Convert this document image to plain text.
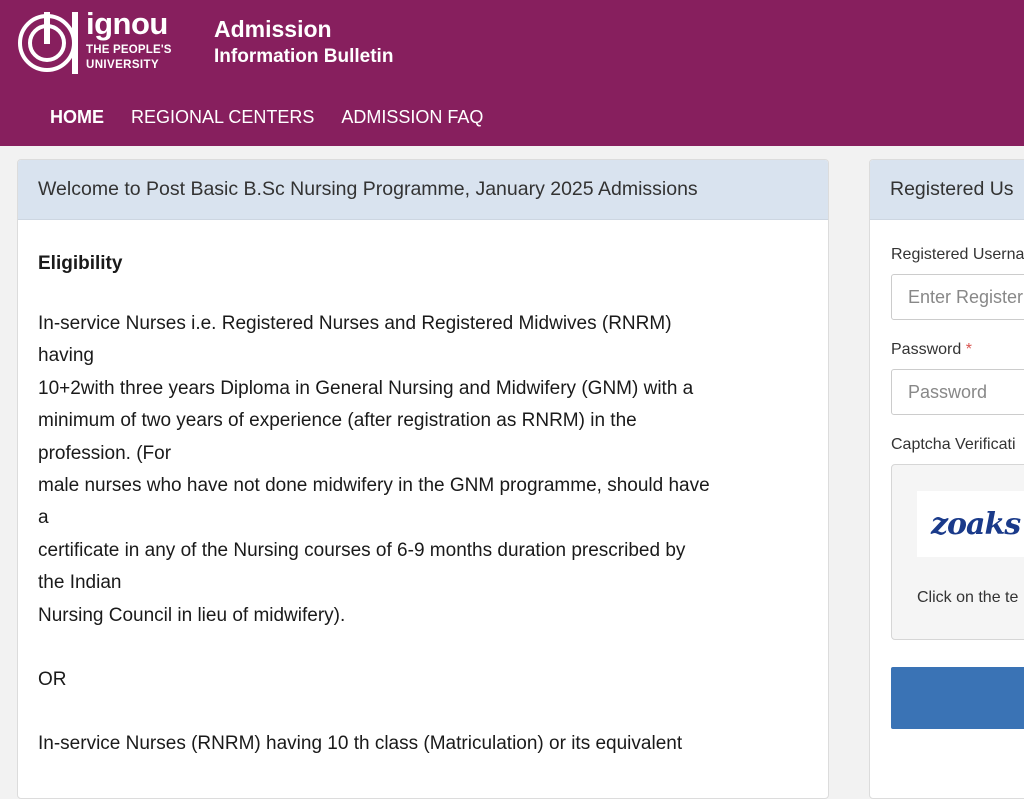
ignou
THE PEOPLE'S
UNIVERSITY
Admission
Information Bulletin
HOME REGIONAL CENTERS ADMISSION FAQ
Welcome to Post Basic B.Sc Nursing Programme, January 2025 Admissions
Eligibility

In-service Nurses i.e. Registered Nurses and Registered Midwives (RNRM)

having

10+2with three years Diploma in General Nursing and Midwifery (GNM) with a

minimum of two years of experience (after registration as RNRM) in the

profession. (For

male nurses who have not done midwifery in the GNM programme, should have

a

certificate in any of the Nursing courses of 6-9 months duration prescribed by

the Indian

Nursing Council in lieu of midwifery).

OR

In-service Nurses (RNRM) having 10 th class (Matriculation) or its equivalent

Registered Us
Registered Userna
Enter Register
Password *
Captcha Verificati
zoaks
Click on the te
